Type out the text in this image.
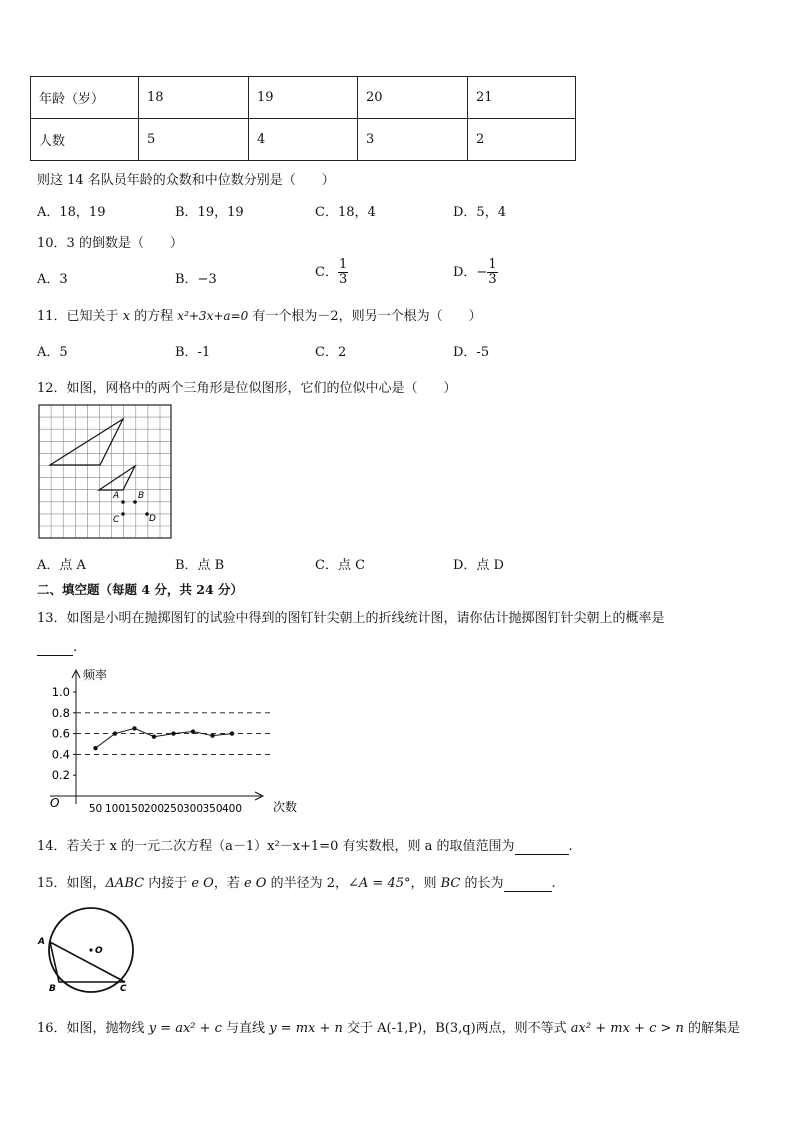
年龄（岁）	18	19	20	21
人数	5	4	3	2
则这 14 名队员年龄的众数和中位数分别是（　　）
A．18，19	B．19，19	C．18，4	D．5，4
10．3 的倒数是（　　）
A．3	B．−3	C． $\frac{1}{3}$	D．− $\frac{1}{3}$
11．已知关于 x 的方程 x²+3x+a=0 有一个根为－2，则另一个根为（　　）
A．5	B．-1	C．2	D．-5
12．如图，网格中的两个三角形是位似图形，它们的位似中心是（　　）
A B
C	D
A．点 A	B．点 B	C．点 C	D．点 D
二、填空题（每题 4 分，共 24 分）
13．如图是小明在抛掷图钉的试验中得到的图钉针尖朝上的折线统计图，请你估计抛掷图钉针尖朝上的概率是
.
1.0
0.8
0.6
0.4
0.2
50 100 150 200 250 300 350 400
频率
次数
O
14．若关于 x 的一元二次方程（a－1）x²－x+1=0 有实数根，则 a 的取值范围为	.
15．如图，ΔABC 内接于 e O，若 e O 的半径为 2，∠A = 45°，则 BC 的长为	.
A
B	C
O
16．如图，抛物线 y = ax² + c 与直线 y = mx + n 交于 A(-1,P)，B(3,q)两点，则不等式 ax² + mx + c > n 的解集是
